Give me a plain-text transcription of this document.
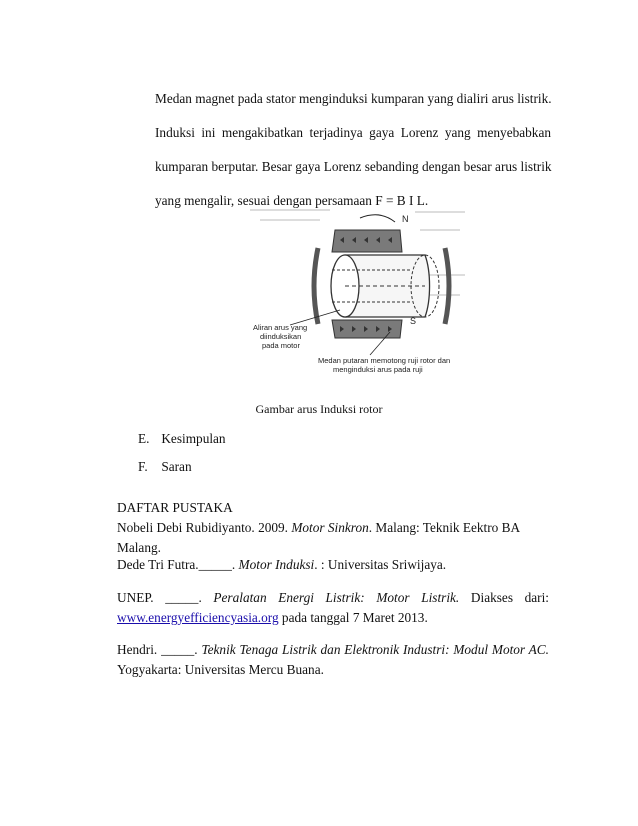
Medan magnet pada stator menginduksi kumparan yang dialiri arus listrik.
Induksi ini mengakibatkan terjadinya gaya Lorenz yang menyebabkan
kumparan berputar. Besar gaya Lorenz sebanding dengan besar arus listrik
yang mengalir, sesuai dengan persamaan F = B I L.
N
S
Aliran arus yang
diinduksikan
pada motor
Medan putaran memotong ruji rotor dan
menginduksi arus pada ruji
Gambar arus Induksi rotor
E. Kesimpulan
F. Saran
DAFTAR PUSTAKA
Nobeli Debi Rubidiyanto. 2009. Motor Sinkron. Malang: Teknik Eektro BA Malang.
Dede Tri Futra._____. Motor Induksi. : Universitas Sriwijaya.
UNEP. _____. Peralatan Energi Listrik: Motor Listrik. Diakses dari:
www.energyefficiencyasia.org pada tanggal 7 Maret 2013.
Hendri. _____. Teknik Tenaga Listrik dan Elektronik Industri: Modul Motor AC.
Yogyakarta: Universitas Mercu Buana.
